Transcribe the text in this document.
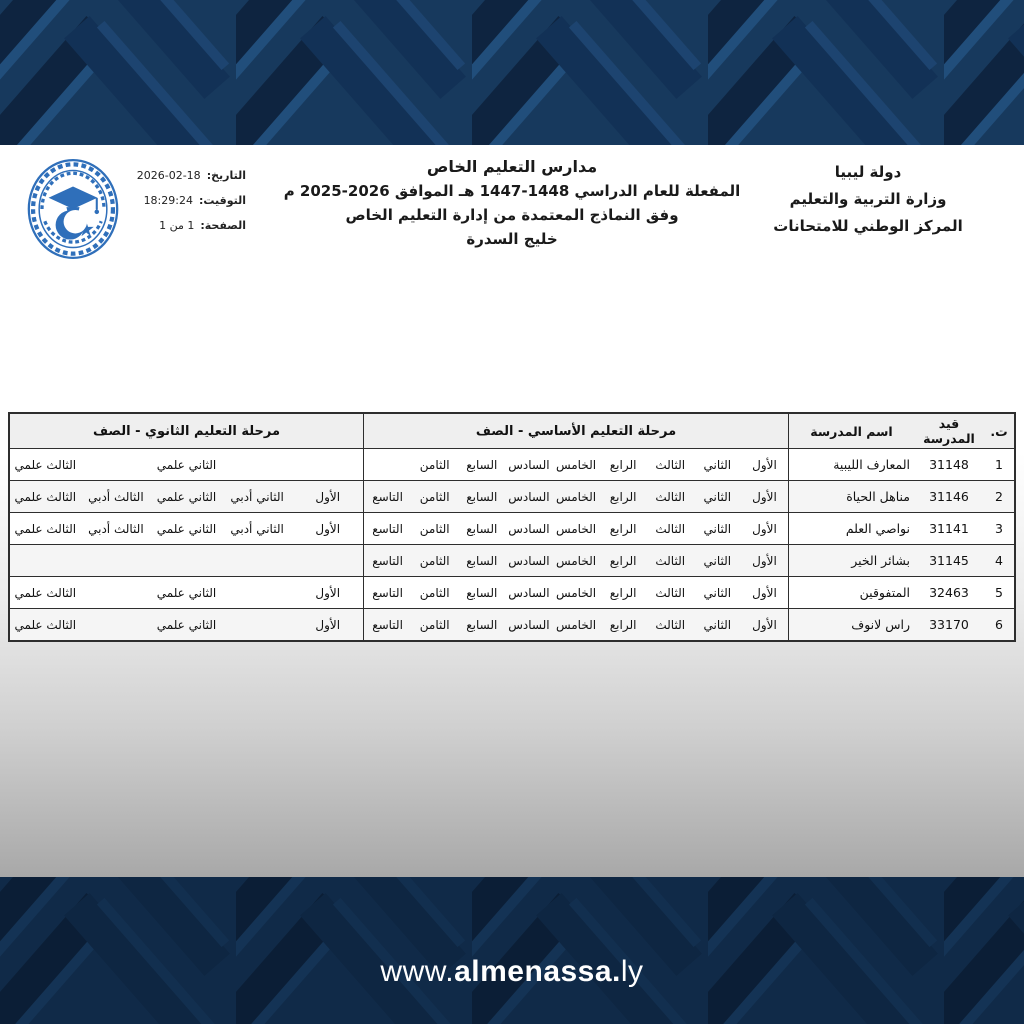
دولة ليبيا
وزارة التربية والتعليم
المركز الوطني للامتحانات
مدارس التعليم الخاص
المفعلة للعام الدراسي 1448-1447 هـ الموافق 2026-2025 م
وفق النماذج المعتمدة من إدارة التعليم الخاص
خليج السدرة
التاريخ:
2026-02-18
التوقيت:
18:29:24
الصفحة:
1 من 1
ت.
قيد المدرسة
اسم المدرسة
مرحلة التعليم الأساسي - الصف
مرحلة التعليم الثانوي - الصف
1
31148
المعارف الليبية
الأول
الثاني
الثالث
الرابع
الخامس
السادس
السابع
الثامن
الثاني علمي
الثالث علمي
2
31146
مناهل الحياة
الأول
الثاني
الثالث
الرابع
الخامس
السادس
السابع
الثامن
التاسع
الأول
الثاني أدبي
الثاني علمي
الثالث أدبي
الثالث علمي
3
31141
نواصي العلم
الأول
الثاني
الثالث
الرابع
الخامس
السادس
السابع
الثامن
التاسع
الأول
الثاني أدبي
الثاني علمي
الثالث أدبي
الثالث علمي
4
31145
بشائر الخير
الأول
الثاني
الثالث
الرابع
الخامس
السادس
السابع
الثامن
التاسع
5
32463
المتفوقين
الأول
الثاني
الثالث
الرابع
الخامس
السادس
السابع
الثامن
التاسع
الأول
الثاني علمي
الثالث علمي
6
33170
راس لانوف
الأول
الثاني
الثالث
الرابع
الخامس
السادس
السابع
الثامن
التاسع
الأول
الثاني علمي
الثالث علمي
www.almenassa.ly
